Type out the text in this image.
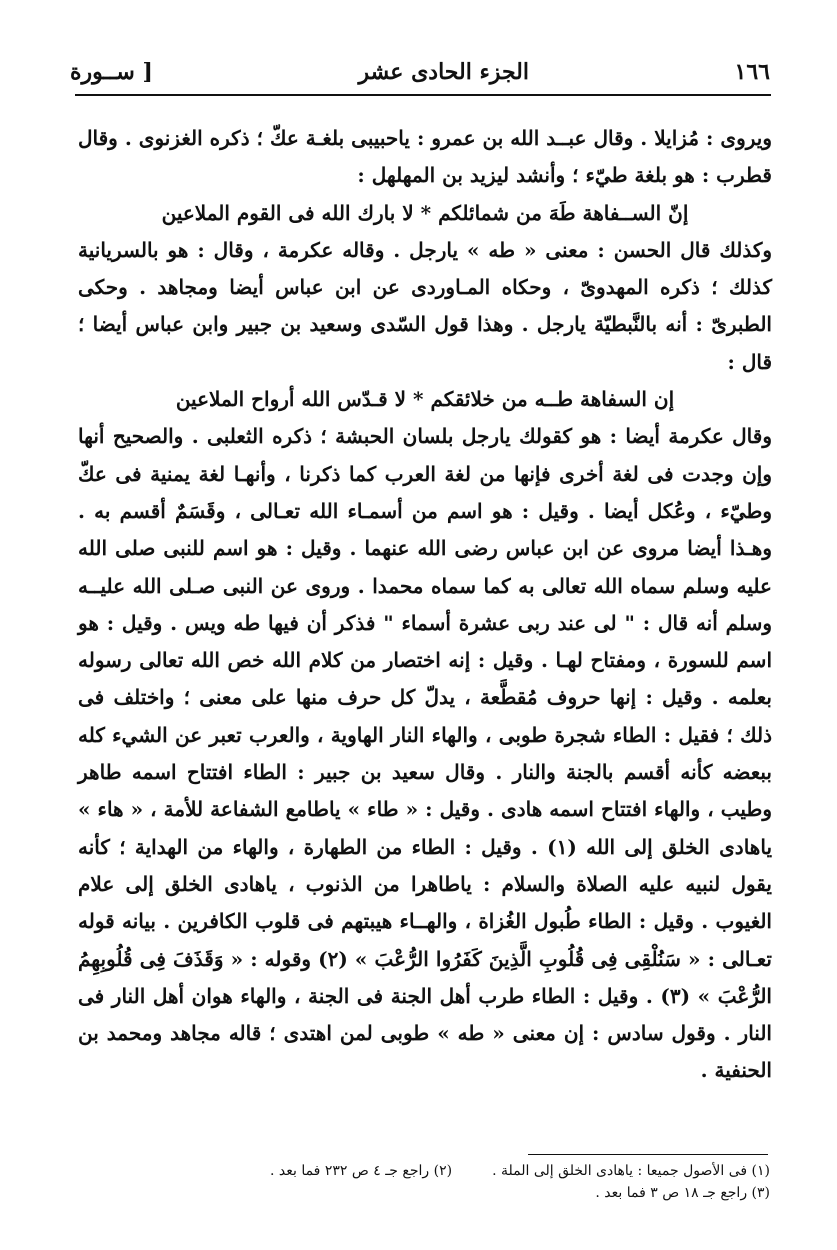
١٦٦
الجزء الحادى عشر
[ ســورة

ويروى : مُزايلا . وقال عبــد الله بن عمرو : ياحبيبى بلغـة عكّ ؛ ذكره الغزنوى . وقال قطرب : هو بلغة طيّء ؛ وأنشد ليزيد بن المهلهل :

إنّ الســفاهة طَهَ من شمائلكم * لا بارك الله فى القوم الملاعين

وكذلك قال الحسن : معنى « طه » يارجل . وقاله عكرمة ، وقال : هو بالسريانية كذلك ؛ ذكره المهدوىّ ، وحكاه المـاوردى عن ابن عباس أيضا ومجاهد . وحكى الطبرىّ : أنه بالنَّبطيّة يارجل . وهذا قول السّدى وسعيد بن جبير وابن عباس أيضا ؛ قال :

إن السفاهة طــه من خلائقكم * لا قـدّس الله أرواح الملاعين

وقال عكرمة أيضا : هو كقولك يارجل بلسان الحبشة ؛ ذكره الثعلبى . والصحيح أنها وإن وجدت فى لغة أخرى فإنها من لغة العرب كما ذكرنا ، وأنهـا لغة يمنية فى عكّ وطيّء ، وعُكل أيضا . وقيل : هو اسم من أسمـاء الله تعـالى ، وقَسَمٌ أقسم به . وهـذا أيضا مروى عن ابن عباس رضى الله عنهما . وقيل : هو اسم للنبى صلى الله عليه وسلم سماه الله تعالى به كما سماه محمدا . وروى عن النبى صـلى الله عليــه وسلم أنه قال : " لى عند ربى عشرة أسماء " فذكر أن فيها طه ويس . وقيل : هو اسم للسورة ، ومفتاح لهـا . وقيل : إنه اختصار من كلام الله خص الله تعالى رسوله بعلمه . وقيل : إنها حروف مُقطَّعة ، يدلّ كل حرف منها على معنى ؛ واختلف فى ذلك ؛ فقيل : الطاء شجرة طوبى ، والهاء النار الهاوية ، والعرب تعبر عن الشيء كله ببعضه كأنه أقسم بالجنة والنار . وقال سعيد بن جبير : الطاء افتتاح اسمه طاهر وطيب ، والهاء افتتاح اسمه هادى . وقيل : « طاء » ياطامع الشفاعة للأمة ، « هاء » ياهادى الخلق إلى الله (١) . وقيل : الطاء من الطهارة ، والهاء من الهداية ؛ كأنه يقول لنبيه عليه الصلاة والسلام : ياطاهرا من الذنوب ، ياهادى الخلق إلى علام الغيوب . وقيل : الطاء طُبول الغُزاة ، والهــاء هيبتهم فى قلوب الكافرين . بيانه قوله تعـالى : « سَنُلْقِى فِى قُلُوبِ الَّذِينَ كَفَرُوا الرُّعْبَ » (٢) وقوله : « وَقَذَفَ فِى قُلُوبِهِمُ الرُّعْبَ » (٣) . وقيل : الطاء طرب أهل الجنة فى الجنة ، والهاء هوان أهل النار فى النار . وقول سادس : إن معنى « طه » طوبى لمن اهتدى ؛ قاله مجاهد ومحمد بن الحنفية .

(١) فى الأصول جميعا : ياهادى الخلق إلى الملة .
(٢) راجع جـ ٤ ص ٢٣٢ فما بعد .
(٣) راجع جـ ١٨ ص ٣ فما بعد .
